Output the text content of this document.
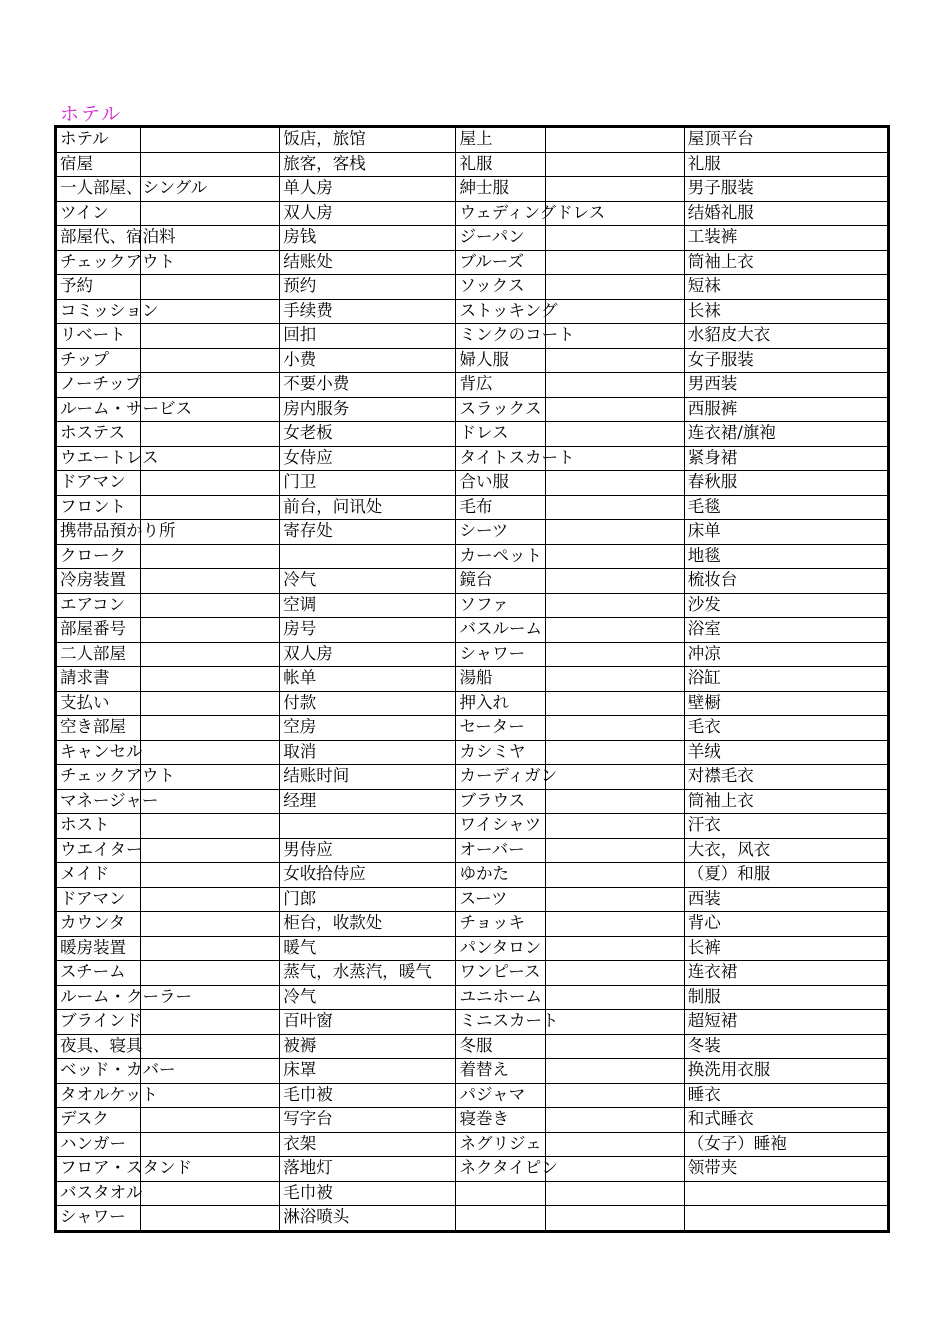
ホテル
ホテル		饭店，旅馆	屋上		屋顶平台
宿屋		旅客，客栈	礼服		礼服
一人部屋、シングル		单人房	紳士服		男子服装
ツイン		双人房	ウェディングドレス		结婚礼服
部屋代、宿泊料		房钱	ジーパン		工装裤
チェックアウト		结账处	ブルーズ		筒袖上衣
予約		预约	ソックス		短袜
コミッション		手续费	ストッキング		长袜
リベート		回扣	ミンクのコート		水貂皮大衣
チップ		小费	婦人服		女子服装
ノーチップ		不要小费	背広		男西装
ルーム・サービス		房内服务	スラックス		西服裤
ホステス		女老板	ドレス		连衣裙/旗袍
ウエートレス		女侍应	タイトスカート		紧身裙
ドアマン		门卫	合い服		春秋服
フロント		前台，问讯处	毛布		毛毯
携帯品預かり所		寄存处	シーツ		床单
クローク			カーペット		地毯
冷房装置		冷气	鏡台		梳妆台
エアコン		空调	ソファ		沙发
部屋番号		房号	バスルーム		浴室
二人部屋		双人房	シャワー		冲凉
請求書		帐单	湯船		浴缸
支払い		付款	押入れ		壁橱
空き部屋		空房	セーター		毛衣
キャンセル		取消	カシミヤ		羊绒
チェックアウト		结账时间	カーディガン		对襟毛衣
マネージャー		经理	ブラウス		筒袖上衣
ホスト			ワイシャツ		汗衣
ウエイター		男侍应	オーバー		大衣，风衣
メイド		女收拾侍应	ゆかた		（夏）和服
ドアマン		门郎	スーツ		西装
カウンタ		柜台，收款处	チョッキ		背心
暖房装置		暖气	パンタロン		长裤
スチーム		蒸气，水蒸汽，暖气	ワンピース		连衣裙
ルーム・クーラー		冷气	ユニホーム		制服
ブラインド		百叶窗	ミニスカート		超短裙
夜具、寝具		被褥	冬服		冬装
ベッド・カバー		床罩	着替え		换洗用衣服
タオルケット		毛巾被	パジャマ		睡衣
デスク		写字台	寝巻き		和式睡衣
ハンガー		衣架	ネグリジェ		（女子）睡袍
フロア・スタンド		落地灯	ネクタイピン		领带夹
バスタオル		毛巾被			
シャワー		淋浴喷头			
